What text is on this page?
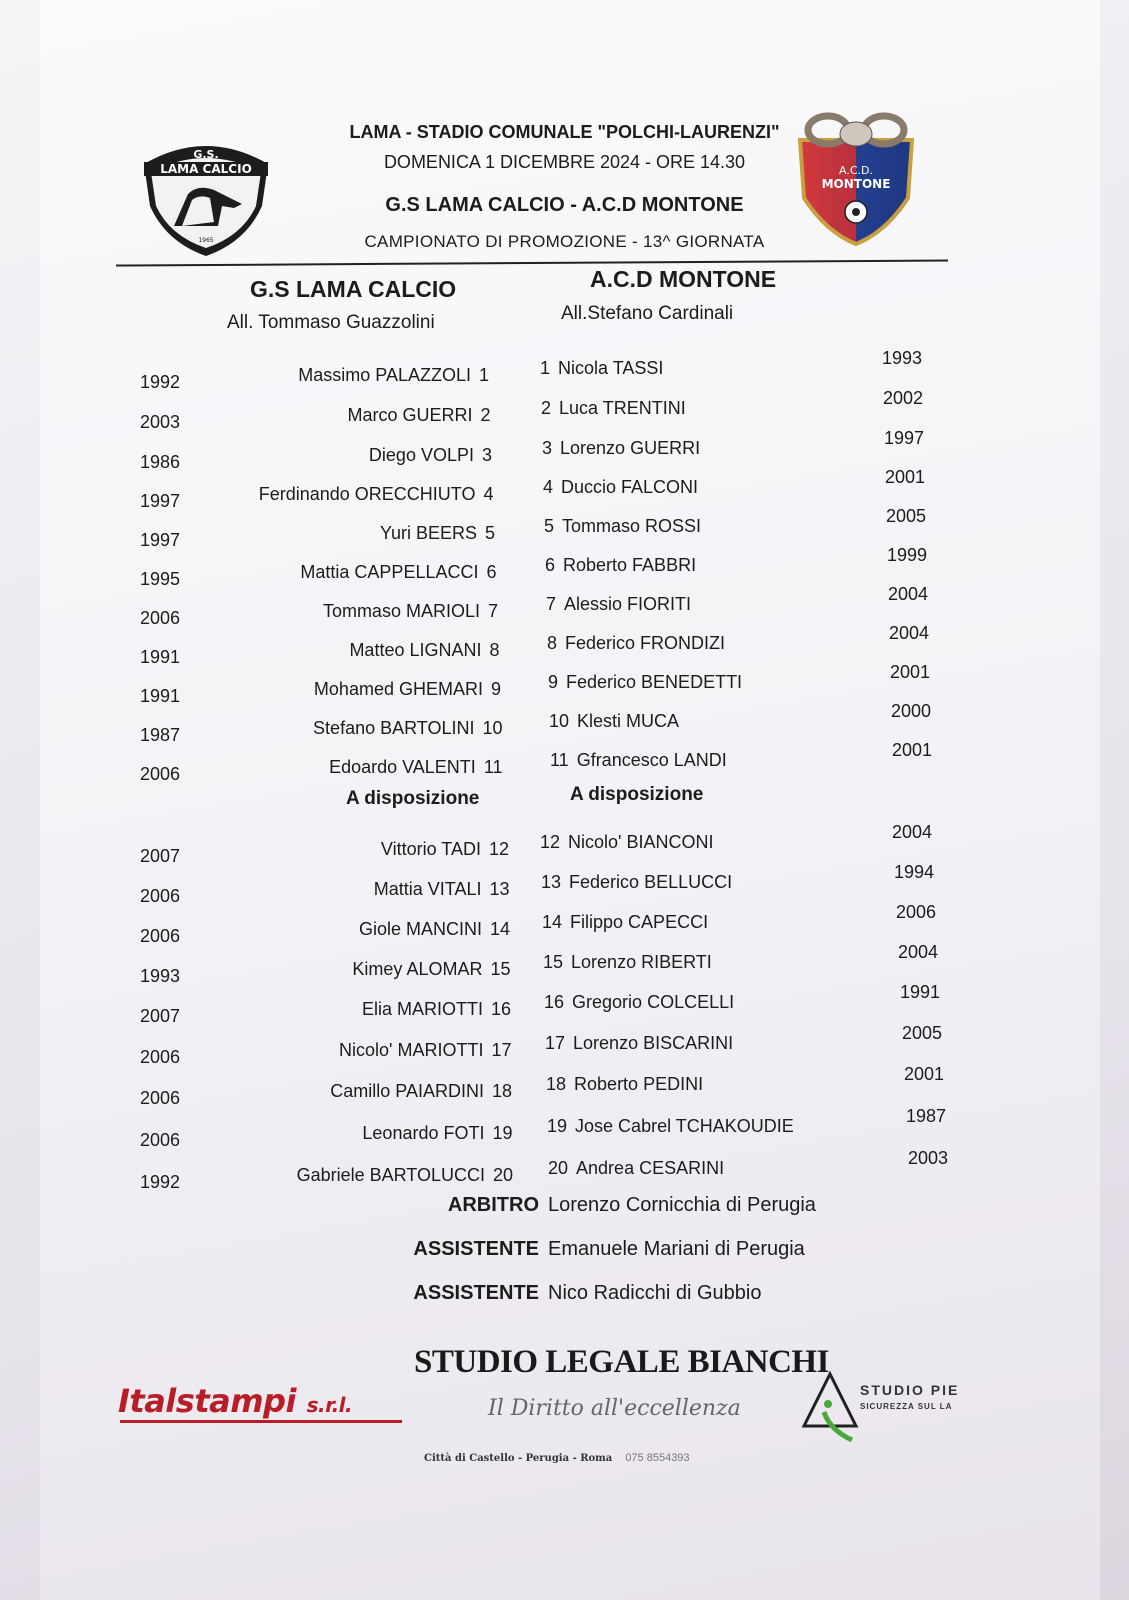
LAMA - STADIO COMUNALE "POLCHI-LAURENZI"
DOMENICA 1 DICEMBRE 2024 - ORE 14.30
G.S LAMA CALCIO - A.C.D MONTONE
CAMPIONATO DI PROMOZIONE - 13^ GIORNATA
G.S.
LAMA CALCIO
1965
A.C.D.
MONTONE
G.S LAMA CALCIO	A.C.D MONTONE
All. Tommaso Guazzolini	All.Stefano Cardinali
1992	Massimo PALAZZOLI 1	1 Nicola TASSI	1993
2003	Marco GUERRI 2	2 Luca TRENTINI	2002
1986	Diego VOLPI 3	3 Lorenzo GUERRI	1997
1997	Ferdinando ORECCHIUTO 4	4 Duccio FALCONI	2001
1997	Yuri BEERS 5	5 Tommaso ROSSI	2005
1995	Mattia CAPPELLACCI 6	6 Roberto FABBRI	1999
2006	Tommaso MARIOLI 7	7 Alessio FIORITI	2004
1991	Matteo LIGNANI 8	8 Federico FRONDIZI	2004
1991	Mohamed GHEMARI 9	9 Federico BENEDETTI	2001
1987	Stefano BARTOLINI 10	10 Klesti MUCA	2000
2006	Edoardo VALENTI 11	11 Gfrancesco LANDI	2001
2007	Vittorio TADI 12 12 Nicolo' BIANCONI	2004
2006	Mattia VITALI 13 13 Federico BELLUCCI	1994
2006	Giole MANCINI 14 14 Filippo CAPECCI	2006
1993	Kimey ALOMAR 15 15 Lorenzo RIBERTI	2004
2007	Elia MARIOTTI 16 16 Gregorio COLCELLI	1991
2006	Nicolo' MARIOTTI 17 17 Lorenzo BISCARINI	2005
2006	Camillo PAIARDINI 18 18 Roberto PEDINI	2001
2006	Leonardo FOTI 19 19 Jose Cabrel TCHAKOUDIE	1987
1992	Gabriele BARTOLUCCI 20 20 Andrea CESARINI	2003
A disposizione	A disposizione
ARBITRO Lorenzo Cornicchia di Perugia
ASSISTENTE Emanuele Mariani di Perugia
ASSISTENTE Nico Radicchi di Gubbio
STUDIO LEGALE BIANCHI
Il Diritto all'eccellenza
Italstampi s.r.l.
Città di Castello - Perugia - Roma 075 8554393
STUDIO PIE
SICUREZZA SUL LA
